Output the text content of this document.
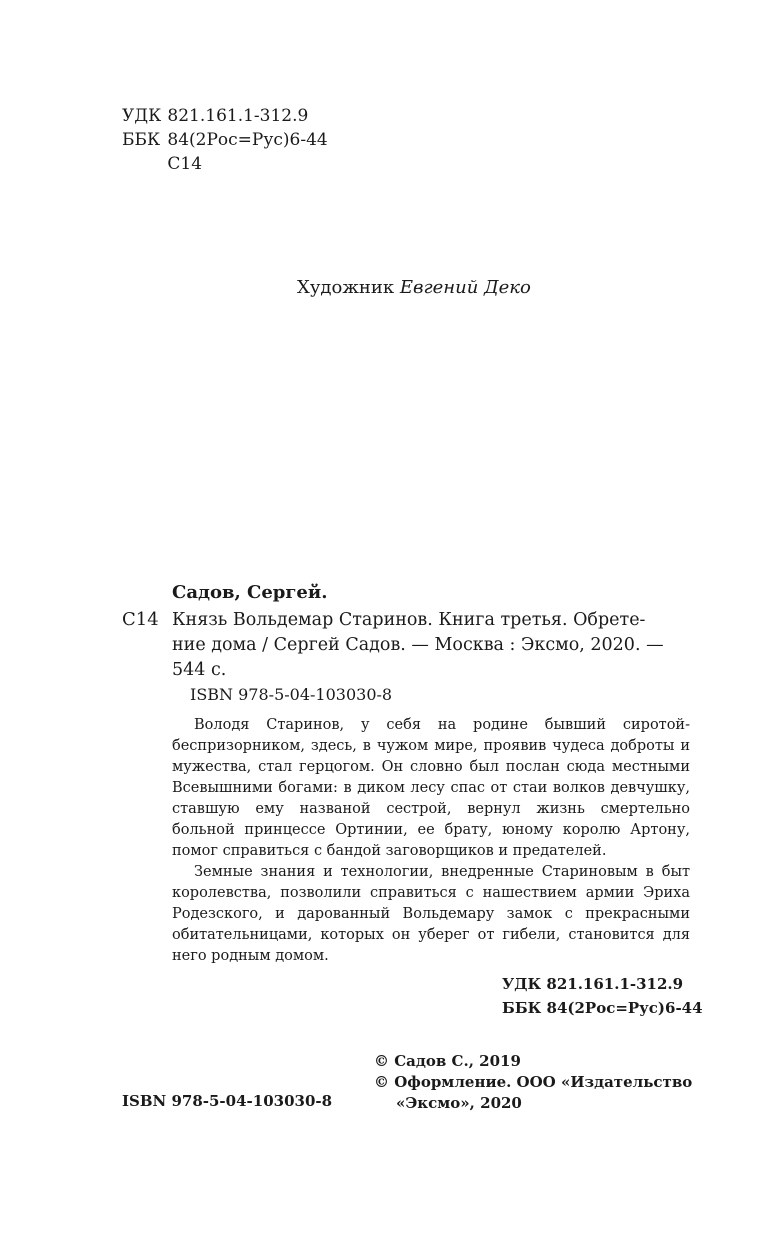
УДК 821.161.1-312.9
ББК 84(2Рос=Рус)6-44
С14
Художник Евгений Деко
Садов, Сергей.
С14 Князь Вольдемар Старинов. Книга третья. Обрете-

ние дома / Сергей Садов. — Москва : Эксмо, 2020. —

544 с.

ISBN 978-5-04-103030-8

Володя Старинов, у себя на родине бывший сиротой-беспризорником, здесь, в чужом мире, проявив чудеса доброты и мужества, стал герцогом. Он словно был послан сюда местными Всевышними богами: в диком лесу спас от стаи волков девчушку, ставшую ему названой сестрой, вернул жизнь смертельно больной принцессе Ортинии, ее брату, юному королю Артону, помог справиться с бандой заговорщиков и предателей.

Земные знания и технологии, внедренные Стариновым в быт королевства, позволили справиться с нашествием армии Эриха Родезского, и дарованный Вольдемару замок с прекрасными обитательницами, которых он уберег от гибели, становится для него родным домом.

УДК 821.161.1-312.9
ББК 84(2Рос=Рус)6-44
© Садов С., 2019
© Оформление. ООО «Издательство
«Эксмо», 2020
ISBN 978-5-04-103030-8
